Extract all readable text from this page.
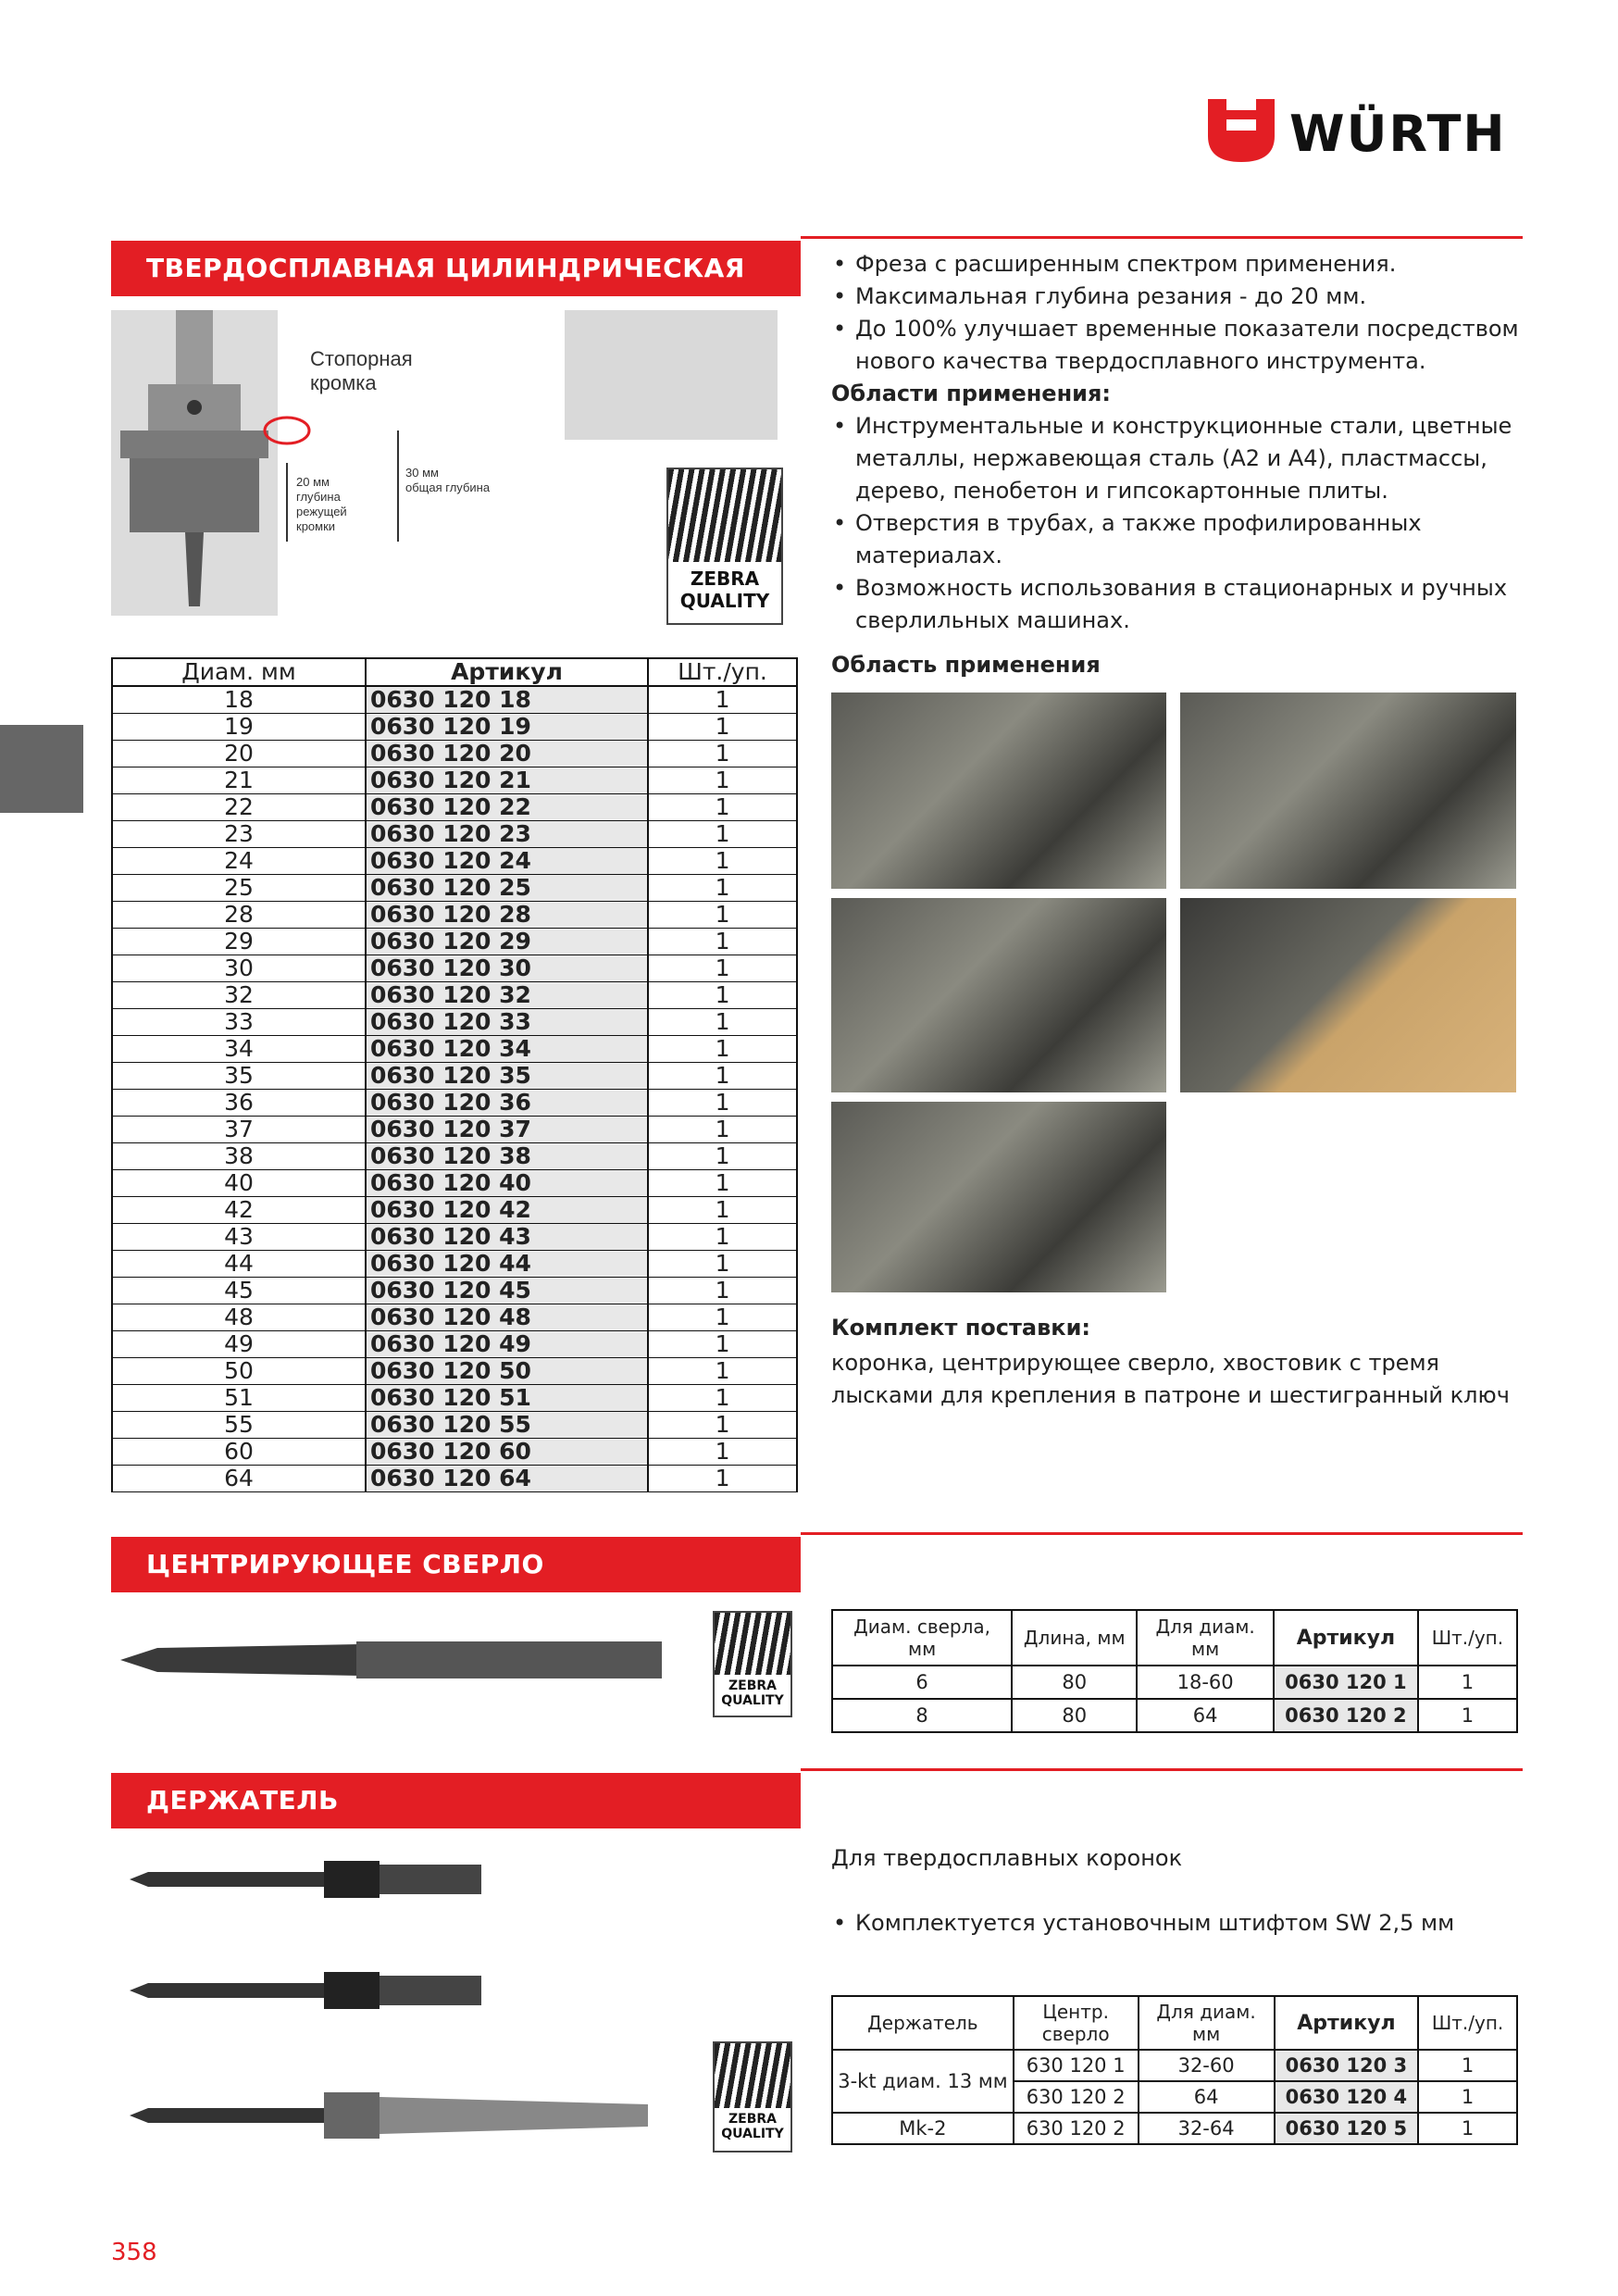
WÜRTH
ТВЕРДОСПЛАВНАЯ ЦИЛИНДРИЧЕСКАЯ
Стопорная
кромка
20 мм
глубина
режущей
кромки
30 мм
общая глубина
ZEBRA
QUALITY
• Фреза с расширенным спектром применения.
• Максимальная глубина резания - до 20 мм.
• До 100% улучшает временные показатели посредством нового качества твердосплавного инструмента.
Области применения:
• Инструментальные и конструкционные стали, цветные металлы, нержавеющая сталь (А2 и А4), пластмассы, дерево, пенобетон и гипсокартонные плиты.
• Отверстия в трубах, а также профилированных материалах.
• Возможность использования в стационарных и ручных сверлильных машинах.
Область применения
Комплект поставки:
коронка, центрирующее сверло, хвостовик с тремя лысками для крепления в патроне и шестигранный ключ
Диам. мм	Артикул	Шт./уп.
18	0630 120 18	1
19	0630 120 19	1
20	0630 120 20	1
21	0630 120 21	1
22	0630 120 22	1
23	0630 120 23	1
24	0630 120 24	1
25	0630 120 25	1
28	0630 120 28	1
29	0630 120 29	1
30	0630 120 30	1
32	0630 120 32	1
33	0630 120 33	1
34	0630 120 34	1
35	0630 120 35	1
36	0630 120 36	1
37	0630 120 37	1
38	0630 120 38	1
40	0630 120 40	1
42	0630 120 42	1
43	0630 120 43	1
44	0630 120 44	1
45	0630 120 45	1
48	0630 120 48	1
49	0630 120 49	1
50	0630 120 50	1
51	0630 120 51	1
55	0630 120 55	1
60	0630 120 60	1
64	0630 120 64	1
ЦЕНТРИРУЮЩЕЕ СВЕРЛО
ZEBRA
QUALITY
Диам. сверла, мм	Длина, мм	Для диам. мм	Артикул	Шт./уп.
6	80	18-60	0630 120 1	1
8	80	64	0630 120 2	1
ДЕРЖАТЕЛЬ
ZEBRA
QUALITY
Для твердосплавных коронок
• Комплектуется установочным штифтом SW 2,5 мм
Держатель	Центр. сверло	Для диам. мм	Артикул	Шт./уп.
3-kt диам. 13 мм	630 120 1	32-60	0630 120 3	1
	630 120 2	64	0630 120 4	1
Mk-2	630 120 2	32-64	0630 120 5	1
358
